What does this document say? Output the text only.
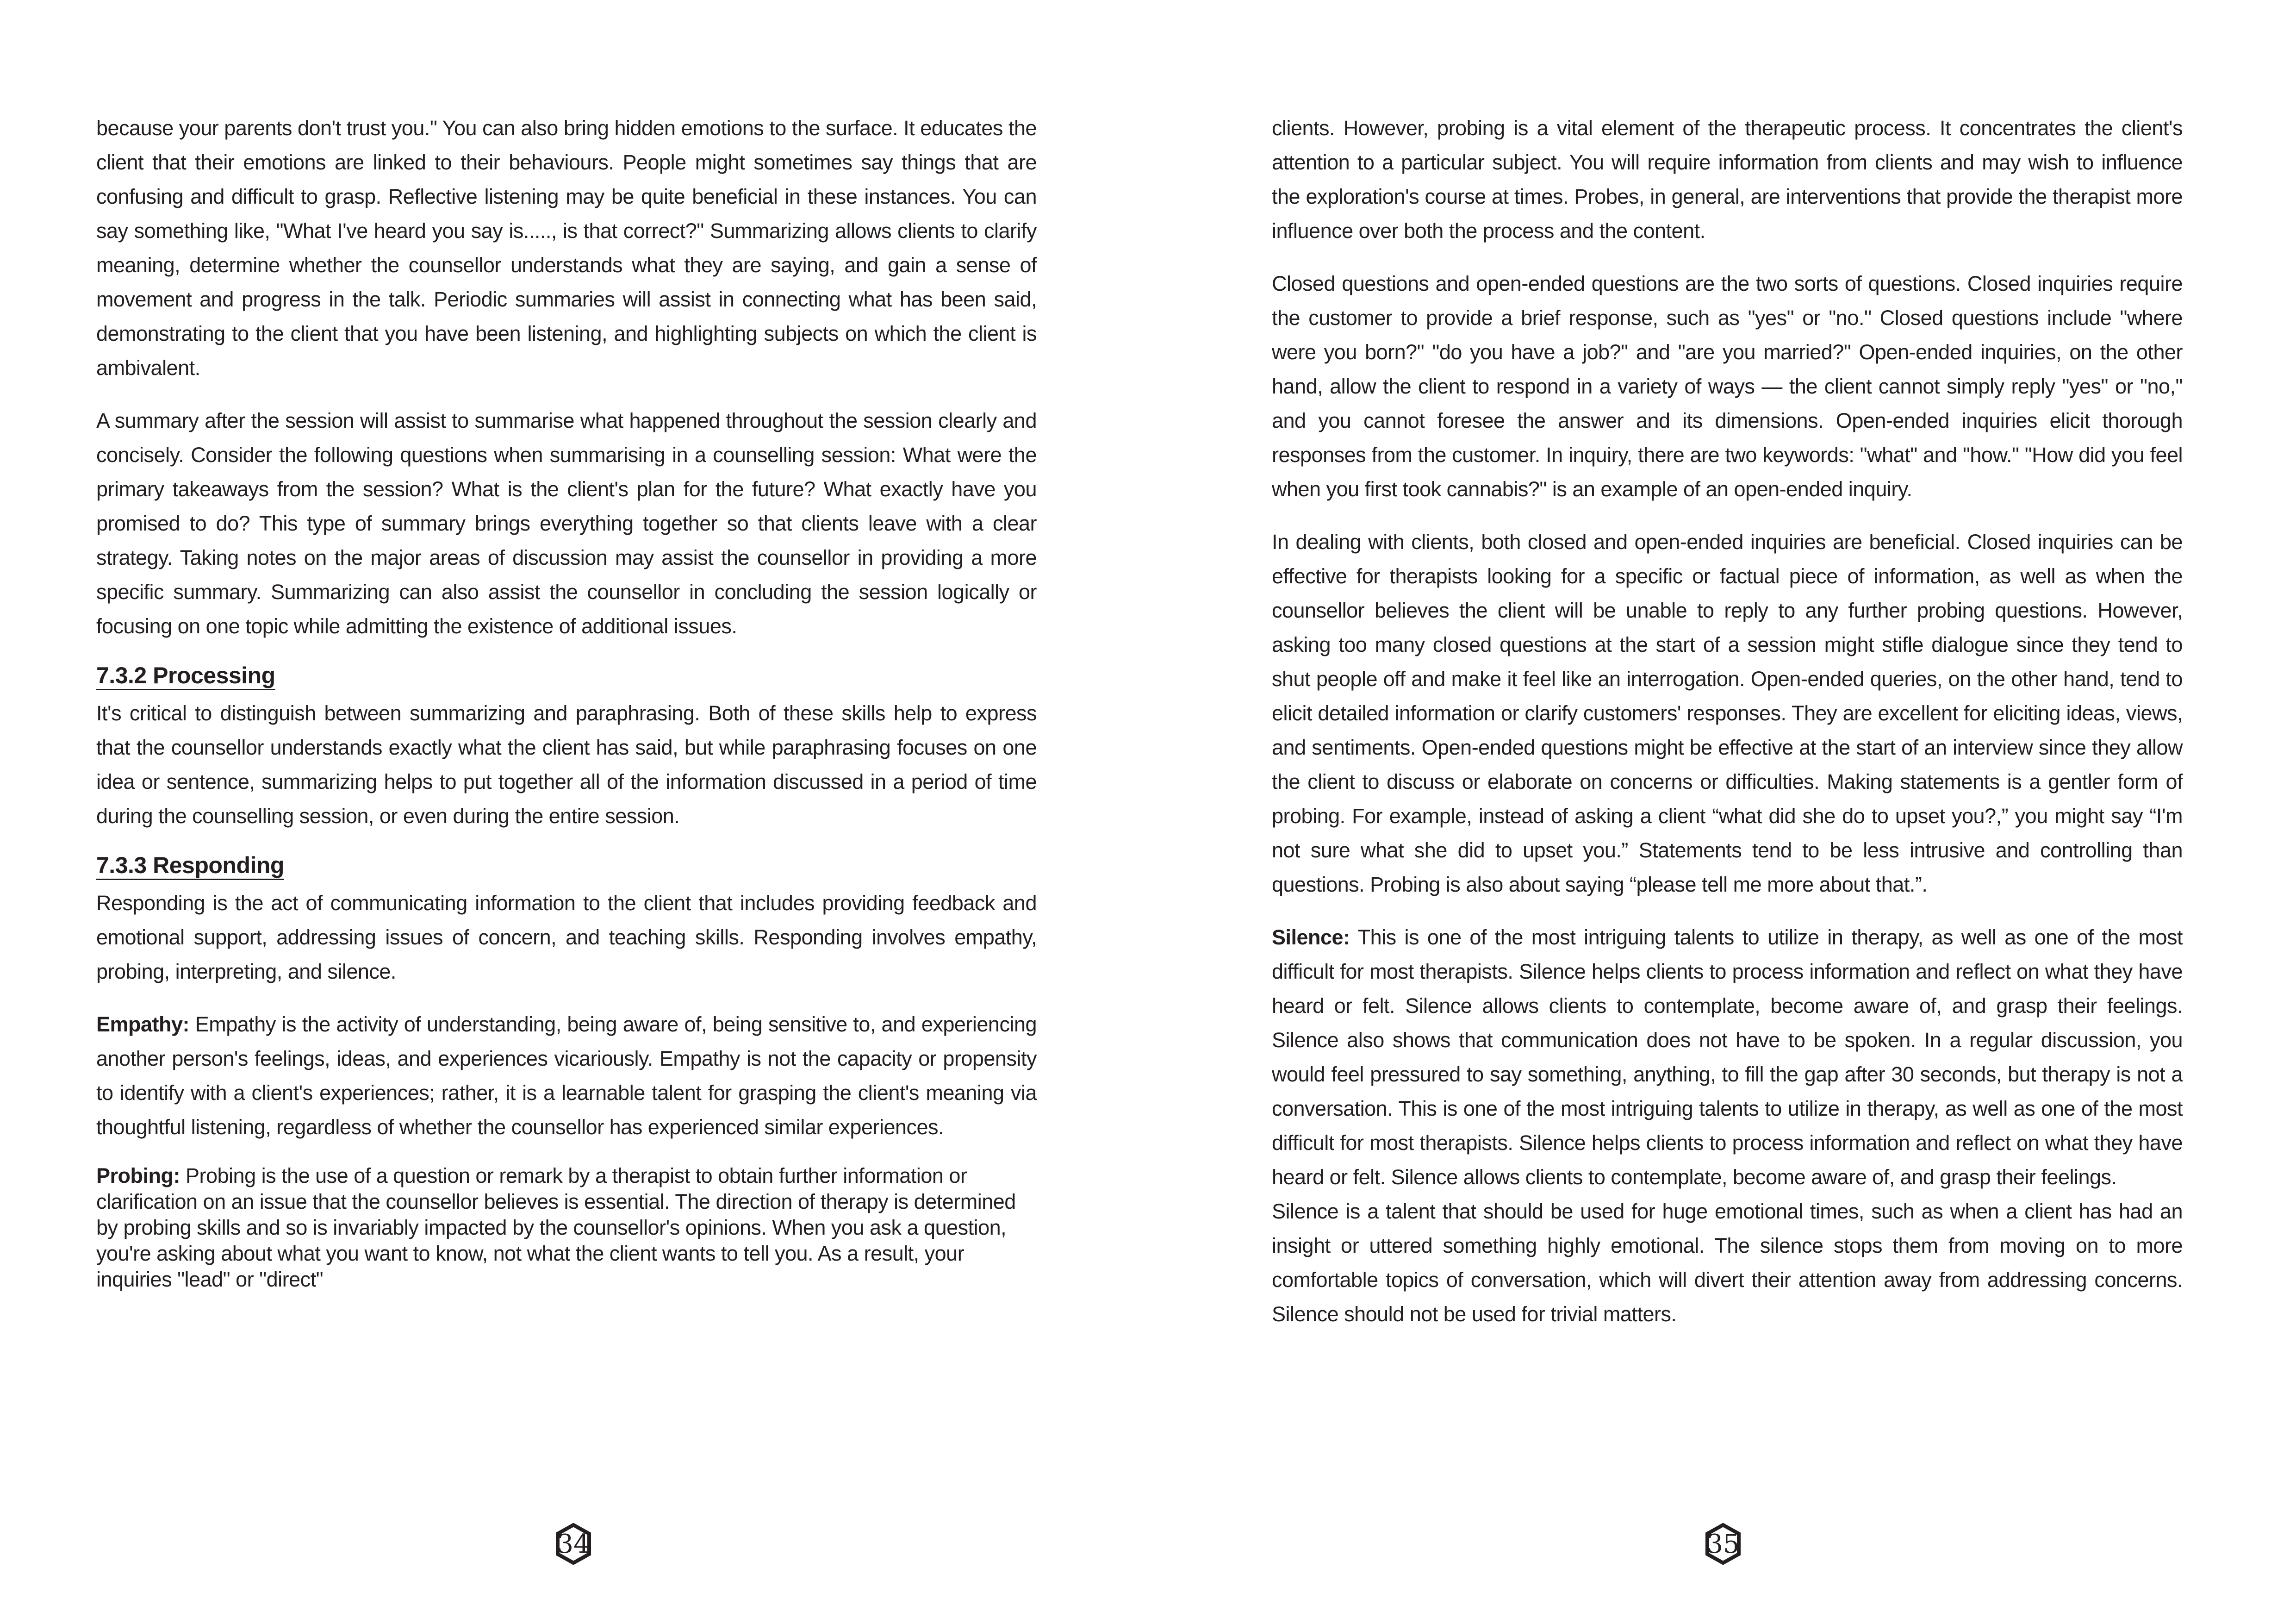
because your parents don't trust you." You can also bring hidden emotions to the surface. It educates the client that their emotions are linked to their behaviours. People might sometimes say things that are confusing and difficult to grasp. Reflective listening may be quite beneficial in these instances. You can say something like, "What I've heard you say is....., is that correct?" Summarizing allows clients to clarify meaning, determine whether the counsellor understands what they are saying, and gain a sense of movement and progress in the talk. Periodic summaries will assist in connecting what has been said, demonstrating to the client that you have been listening, and highlighting subjects on which the client is ambivalent.

A summary after the session will assist to summarise what happened throughout the session clearly and concisely. Consider the following questions when summarising in a counselling session: What were the primary takeaways from the session? What is the client's plan for the future? What exactly have you promised to do? This type of summary brings everything together so that clients leave with a clear strategy. Taking notes on the major areas of discussion may assist the counsellor in providing a more specific summary. Summarizing can also assist the counsellor in concluding the session logically or focusing on one topic while admitting the existence of additional issues.

7.3.2 Processing

It's critical to distinguish between summarizing and paraphrasing. Both of these skills help to express that the counsellor understands exactly what the client has said, but while paraphrasing focuses on one idea or sentence, summarizing helps to put together all of the information discussed in a period of time during the counselling session, or even during the entire session.

7.3.3 Responding

Responding is the act of communicating information to the client that includes providing feedback and emotional support, addressing issues of concern, and teaching skills. Responding involves empathy, probing, interpreting, and silence.

Empathy: Empathy is the activity of understanding, being aware of, being sensitive to, and experiencing another person's feelings, ideas, and experiences vicariously. Empathy is not the capacity or propensity to identify with a client's experiences; rather, it is a learnable talent for grasping the client's meaning via thoughtful listening, regardless of whether the counsellor has experienced similar experiences.

Probing: Probing is the use of a question or remark by a therapist to obtain further information or clarification on an issue that the counsellor believes is essential. The direction of therapy is determined by probing skills and so is invariably impacted by the counsellor's opinions. When you ask a question, you're asking about what you want to know, not what the client wants to tell you. As a result, your inquiries "lead" or "direct"

clients. However, probing is a vital element of the therapeutic process. It concentrates the client's attention to a particular subject. You will require information from clients and may wish to influence the exploration's course at times. Probes, in general, are interventions that provide the therapist more influence over both the process and the content.

Closed questions and open-ended questions are the two sorts of questions. Closed inquiries require the customer to provide a brief response, such as "yes" or "no." Closed questions include "where were you born?" "do you have a job?" and "are you married?" Open-ended inquiries, on the other hand, allow the client to respond in a variety of ways — the client cannot simply reply "yes" or "no," and you cannot foresee the answer and its dimensions. Open-ended inquiries elicit thorough responses from the customer. In inquiry, there are two keywords: "what" and "how." "How did you feel when you first took cannabis?" is an example of an open-ended inquiry.

In dealing with clients, both closed and open-ended inquiries are beneficial. Closed inquiries can be effective for therapists looking for a specific or factual piece of information, as well as when the counsellor believes the client will be unable to reply to any further probing questions. However, asking too many closed questions at the start of a session might stifle dialogue since they tend to shut people off and make it feel like an interrogation. Open-ended queries, on the other hand, tend to elicit detailed information or clarify customers' responses. They are excellent for eliciting ideas, views, and sentiments. Open-ended questions might be effective at the start of an interview since they allow the client to discuss or elaborate on concerns or difficulties. Making statements is a gentler form of probing. For example, instead of asking a client “what did she do to upset you?,” you might say “I'm not sure what she did to upset you.” Statements tend to be less intrusive and controlling than questions. Probing is also about saying “please tell me more about that.”.

Silence: This is one of the most intriguing talents to utilize in therapy, as well as one of the most difficult for most therapists. Silence helps clients to process information and reflect on what they have heard or felt. Silence allows clients to contemplate, become aware of, and grasp their feelings. Silence also shows that communication does not have to be spoken. In a regular discussion, you would feel pressured to say something, anything, to fill the gap after 30 seconds, but therapy is not a conversation. This is one of the most intriguing talents to utilize in therapy, as well as one of the most difficult for most therapists. Silence helps clients to process information and reflect on what they have heard or felt. Silence allows clients to contemplate, become aware of, and grasp their feelings.

Silence is a talent that should be used for huge emotional times, such as when a client has had an insight or uttered something highly emotional. The silence stops them from moving on to more comfortable topics of conversation, which will divert their attention away from addressing concerns. Silence should not be used for trivial matters.

34	35
